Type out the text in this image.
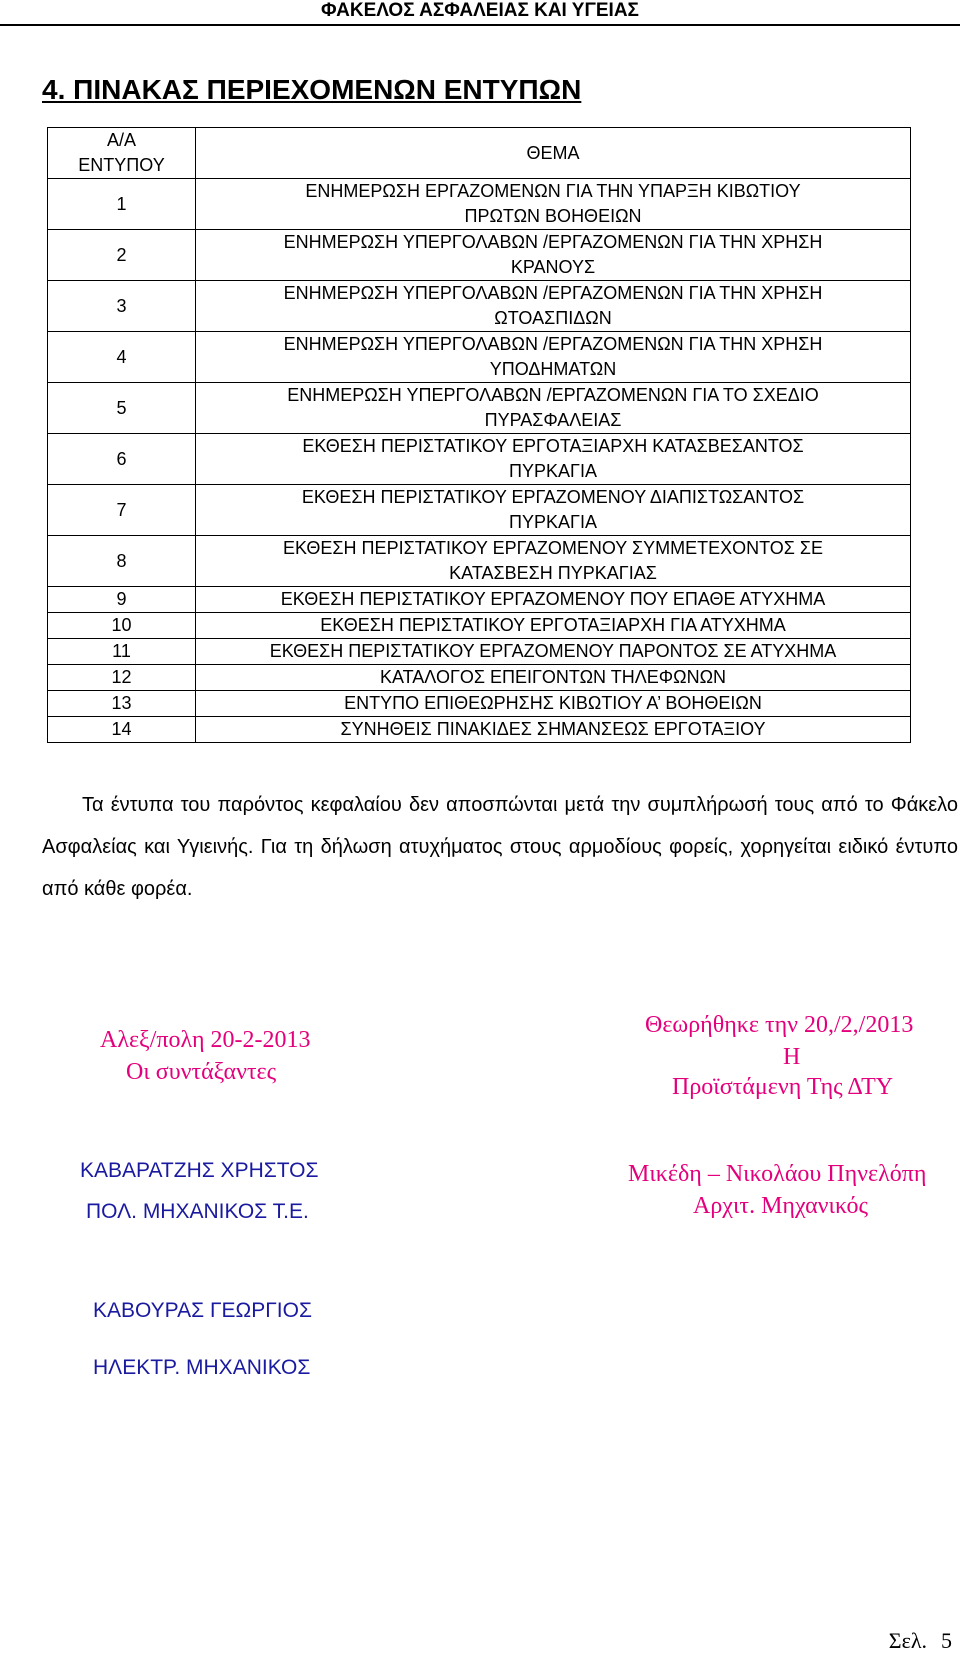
ΦΑΚΕΛΟΣ ΑΣΦΑΛΕΙΑΣ ΚΑΙ ΥΓΕΙΑΣ
4. ΠΙΝΑΚΑΣ ΠΕΡΙΕΧΟΜΕΝΩΝ ΕΝΤΥΠΩΝ
Α/Α
ΕΝΤΥΠΟΥ	ΘΕΜΑ
1	ΕΝΗΜΕΡΩΣΗ ΕΡΓΑΖΟΜΕΝΩΝ ΓΙΑ ΤΗΝ ΥΠΑΡΞΗ ΚΙΒΩΤΙΟΥ
ΠΡΩΤΩΝ ΒΟΗΘΕΙΩΝ
2	ΕΝΗΜΕΡΩΣΗ ΥΠΕΡΓΟΛΑΒΩΝ /ΕΡΓΑΖΟΜΕΝΩΝ ΓΙΑ ΤΗΝ ΧΡΗΣΗ
ΚΡΑΝΟΥΣ
3	ΕΝΗΜΕΡΩΣΗ ΥΠΕΡΓΟΛΑΒΩΝ /ΕΡΓΑΖΟΜΕΝΩΝ ΓΙΑ ΤΗΝ ΧΡΗΣΗ
ΩΤΟΑΣΠΙΔΩΝ
4	ΕΝΗΜΕΡΩΣΗ ΥΠΕΡΓΟΛΑΒΩΝ /ΕΡΓΑΖΟΜΕΝΩΝ ΓΙΑ ΤΗΝ ΧΡΗΣΗ
ΥΠΟΔΗΜΑΤΩΝ
5	ΕΝΗΜΕΡΩΣΗ ΥΠΕΡΓΟΛΑΒΩΝ /ΕΡΓΑΖΟΜΕΝΩΝ ΓΙΑ ΤΟ ΣΧΕΔΙΟ
ΠΥΡΑΣΦΑΛΕΙΑΣ
6	ΕΚΘΕΣΗ ΠΕΡΙΣΤΑΤΙΚΟΥ ΕΡΓΟΤΑΞΙΑΡΧΗ ΚΑΤΑΣΒΕΣΑΝΤΟΣ
ΠΥΡΚΑΓΙΑ
7	ΕΚΘΕΣΗ ΠΕΡΙΣΤΑΤΙΚΟΥ ΕΡΓΑΖΟΜΕΝΟΥ ΔΙΑΠΙΣΤΩΣΑΝΤΟΣ
ΠΥΡΚΑΓΙΑ
8	ΕΚΘΕΣΗ ΠΕΡΙΣΤΑΤΙΚΟΥ ΕΡΓΑΖΟΜΕΝΟΥ ΣΥΜΜΕΤΕΧΟΝΤΟΣ ΣΕ
ΚΑΤΑΣΒΕΣΗ ΠΥΡΚΑΓΙΑΣ
9	ΕΚΘΕΣΗ ΠΕΡΙΣΤΑΤΙΚΟΥ ΕΡΓΑΖΟΜΕΝΟΥ ΠΟΥ ΕΠΑΘΕ ΑΤΥΧΗΜΑ
10	ΕΚΘΕΣΗ ΠΕΡΙΣΤΑΤΙΚΟΥ ΕΡΓΟΤΑΞΙΑΡΧΗ ΓΙΑ ΑΤΥΧΗΜΑ
11	ΕΚΘΕΣΗ ΠΕΡΙΣΤΑΤΙΚΟΥ ΕΡΓΑΖΟΜΕΝΟΥ ΠΑΡΟΝΤΟΣ ΣΕ ΑΤΥΧΗΜΑ
12	ΚΑΤΑΛΟΓΟΣ ΕΠΕΙΓΟΝΤΩΝ ΤΗΛΕΦΩΝΩΝ
13	ΕΝΤΥΠΟ ΕΠΙΘΕΩΡΗΣΗΣ ΚΙΒΩΤΙΟΥ Α’ ΒΟΗΘΕΙΩΝ
14	ΣΥΝΗΘΕΙΣ ΠΙΝΑΚΙΔΕΣ ΣΗΜΑΝΣΕΩΣ ΕΡΓΟΤΑΞΙΟΥ

Τα έντυπα του παρόντος κεφαλαίου δεν αποσπώνται μετά την συμπλήρωσή τους από το Φάκελο Ασφαλείας και Υγιεινής. Για τη δήλωση ατυχήματος στους αρμοδίους φορείς, χορηγείται ειδικό έντυπο από κάθε φορέα.

Αλεξ/πολη 20-2-2013
Οι συντάξαντες
Θεωρήθηκε την 20,/2,/2013
Η
Προϊστάμενη Της ΔΤΥ
ΚΑΒΑΡΑΤΖΗΣ ΧΡΗΣΤΟΣ
ΠΟΛ. ΜΗΧΑΝΙΚΟΣ Τ.Ε.
Μικέδη – Νικολάου Πηνελόπη
Αρχιτ. Μηχανικός
ΚΑΒΟΥΡΑΣ ΓΕΩΡΓΙΟΣ
ΗΛΕΚΤΡ. ΜΗΧΑΝΙΚΟΣ
Σελ. 5
